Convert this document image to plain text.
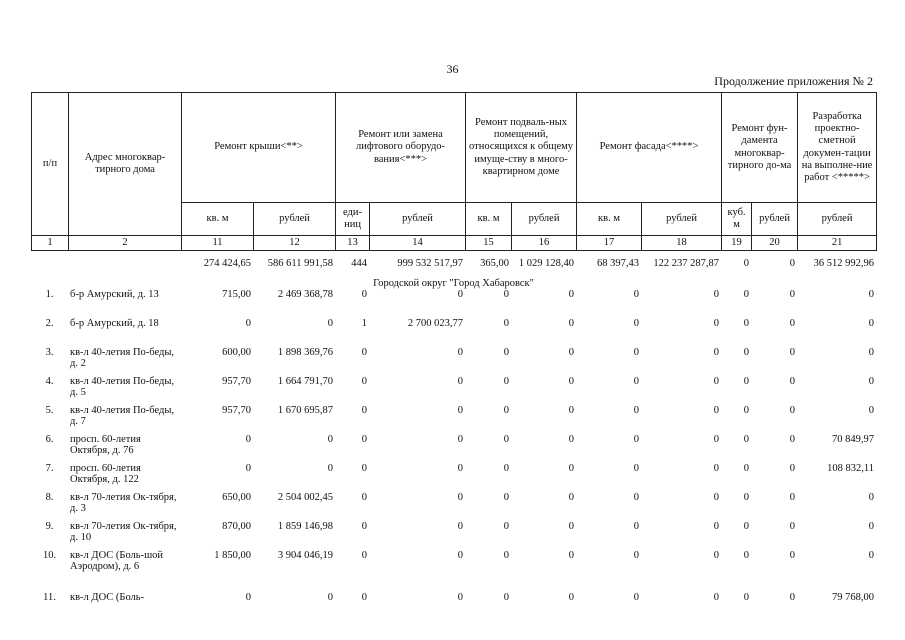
36
Продолжение приложения № 2
п/п	Адрес многоквар-тирного дома	Ремонт крыши<**>		Ремонт или замена лифтового оборудо-вания<***>		Ремонт подваль-ных помещений, относящихся к общему имуще-ству в много-квартирном доме		Ремонт фасада<****>		Ремонт фун-дамента многоквар-тирного до-ма		Разработка проектно-сметной докумен-тации на выполне-ние работ <*****>
		кв. м	рублей	еди-ниц	рублей	кв. м	рублей	кв. м	рублей	куб. м	рублей	рублей
1	2	11	12	13	14	15	16	17	18	19	20	21
		274 424,65	586 611 991,58	444	999 532 517,97	365,00	1 029 128,40	68 397,43	122 237 287,87	0	0	36 512 992,96
Городской округ "Город Хабаровск"												
1.	б-р Амурский, д. 13	715,00	2 469 368,78	0	0	0	0	0	0	0	0	0
2.	б-р Амурский, д. 18	0	0	1	2 700 023,77	0	0	0	0	0	0	0
3.	кв-л 40-летия По-беды, д. 2	600,00	1 898 369,76	0	0	0	0	0	0	0	0	0
4.	кв-л 40-летия По-беды, д. 5	957,70	1 664 791,70	0	0	0	0	0	0	0	0	0
5.	кв-л 40-летия По-беды, д. 7	957,70	1 670 695,87	0	0	0	0	0	0	0	0	0
6.	просп. 60-летия Октября, д. 76	0	0	0	0	0	0	0	0	0	0	70 849,97
7.	просп. 60-летия Октября, д. 122	0	0	0	0	0	0	0	0	0	0	108 832,11
8.	кв-л 70-летия Ок-тября, д. 3	650,00	2 504 002,45	0	0	0	0	0	0	0	0	0
9.	кв-л 70-летия Ок-тября, д. 10	870,00	1 859 146,98	0	0	0	0	0	0	0	0	0
10.	кв-л ДОС (Боль-шой Аэродром), д. 6	1 850,00	3 904 046,19	0	0	0	0	0	0	0	0	0
11.	кв-л ДОС (Боль-	0	0	0	0	0	0	0	0	0	0	79 768,00
